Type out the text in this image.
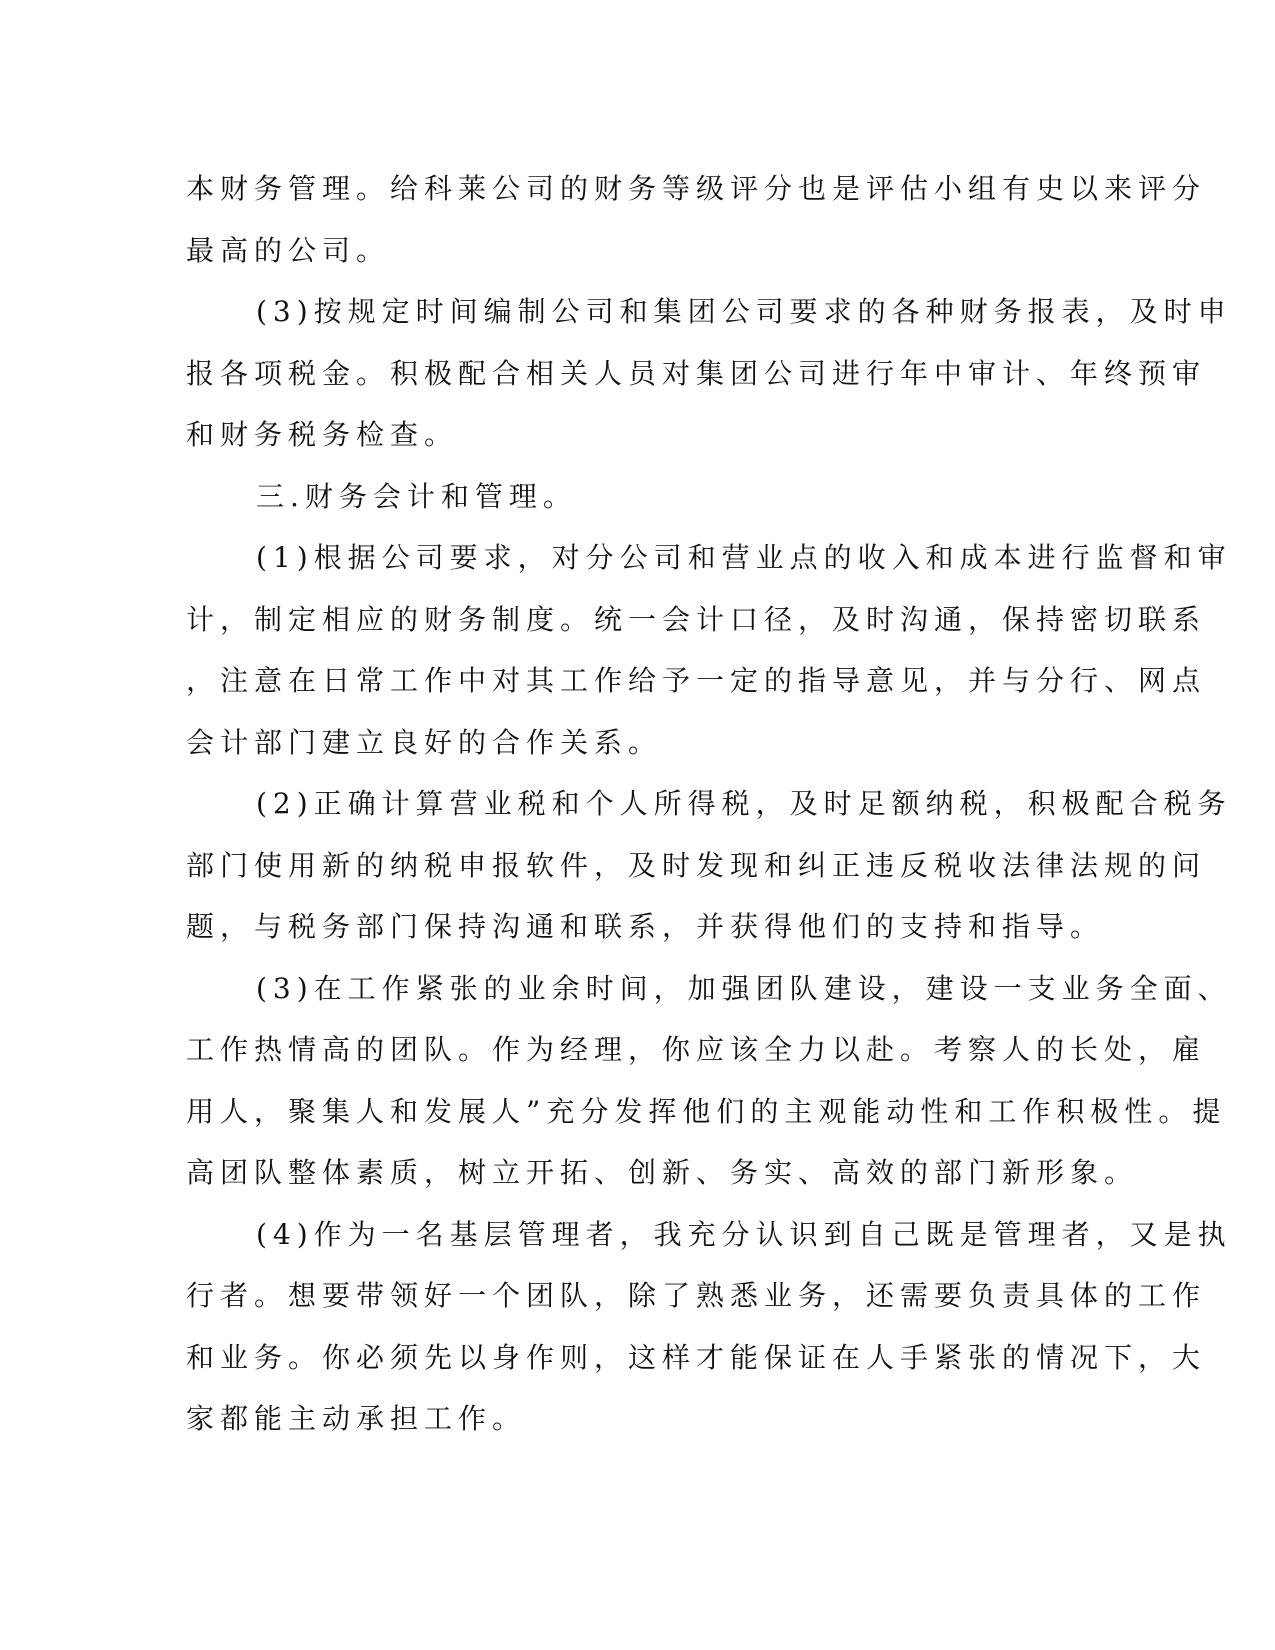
本财务管理。给科莱公司的财务等级评分也是评估小组有史以来评分
最高的公司。
(3)按规定时间编制公司和集团公司要求的各种财务报表，及时申
报各项税金。积极配合相关人员对集团公司进行年中审计、年终预审
和财务税务检查。
三.财务会计和管理。
(1)根据公司要求，对分公司和营业点的收入和成本进行监督和审
计，制定相应的财务制度。统一会计口径，及时沟通，保持密切联系
，注意在日常工作中对其工作给予一定的指导意见，并与分行、网点
会计部门建立良好的合作关系。
(2)正确计算营业税和个人所得税，及时足额纳税，积极配合税务
部门使用新的纳税申报软件，及时发现和纠正违反税收法律法规的问
题，与税务部门保持沟通和联系，并获得他们的支持和指导。
(3)在工作紧张的业余时间，加强团队建设，建设一支业务全面、
工作热情高的团队。作为经理，你应该全力以赴。考察人的长处，雇
用人，聚集人和发展人”充分发挥他们的主观能动性和工作积极性。提
高团队整体素质，树立开拓、创新、务实、高效的部门新形象。
(4)作为一名基层管理者，我充分认识到自己既是管理者，又是执
行者。想要带领好一个团队，除了熟悉业务，还需要负责具体的工作
和业务。你必须先以身作则，这样才能保证在人手紧张的情况下，大
家都能主动承担工作。
